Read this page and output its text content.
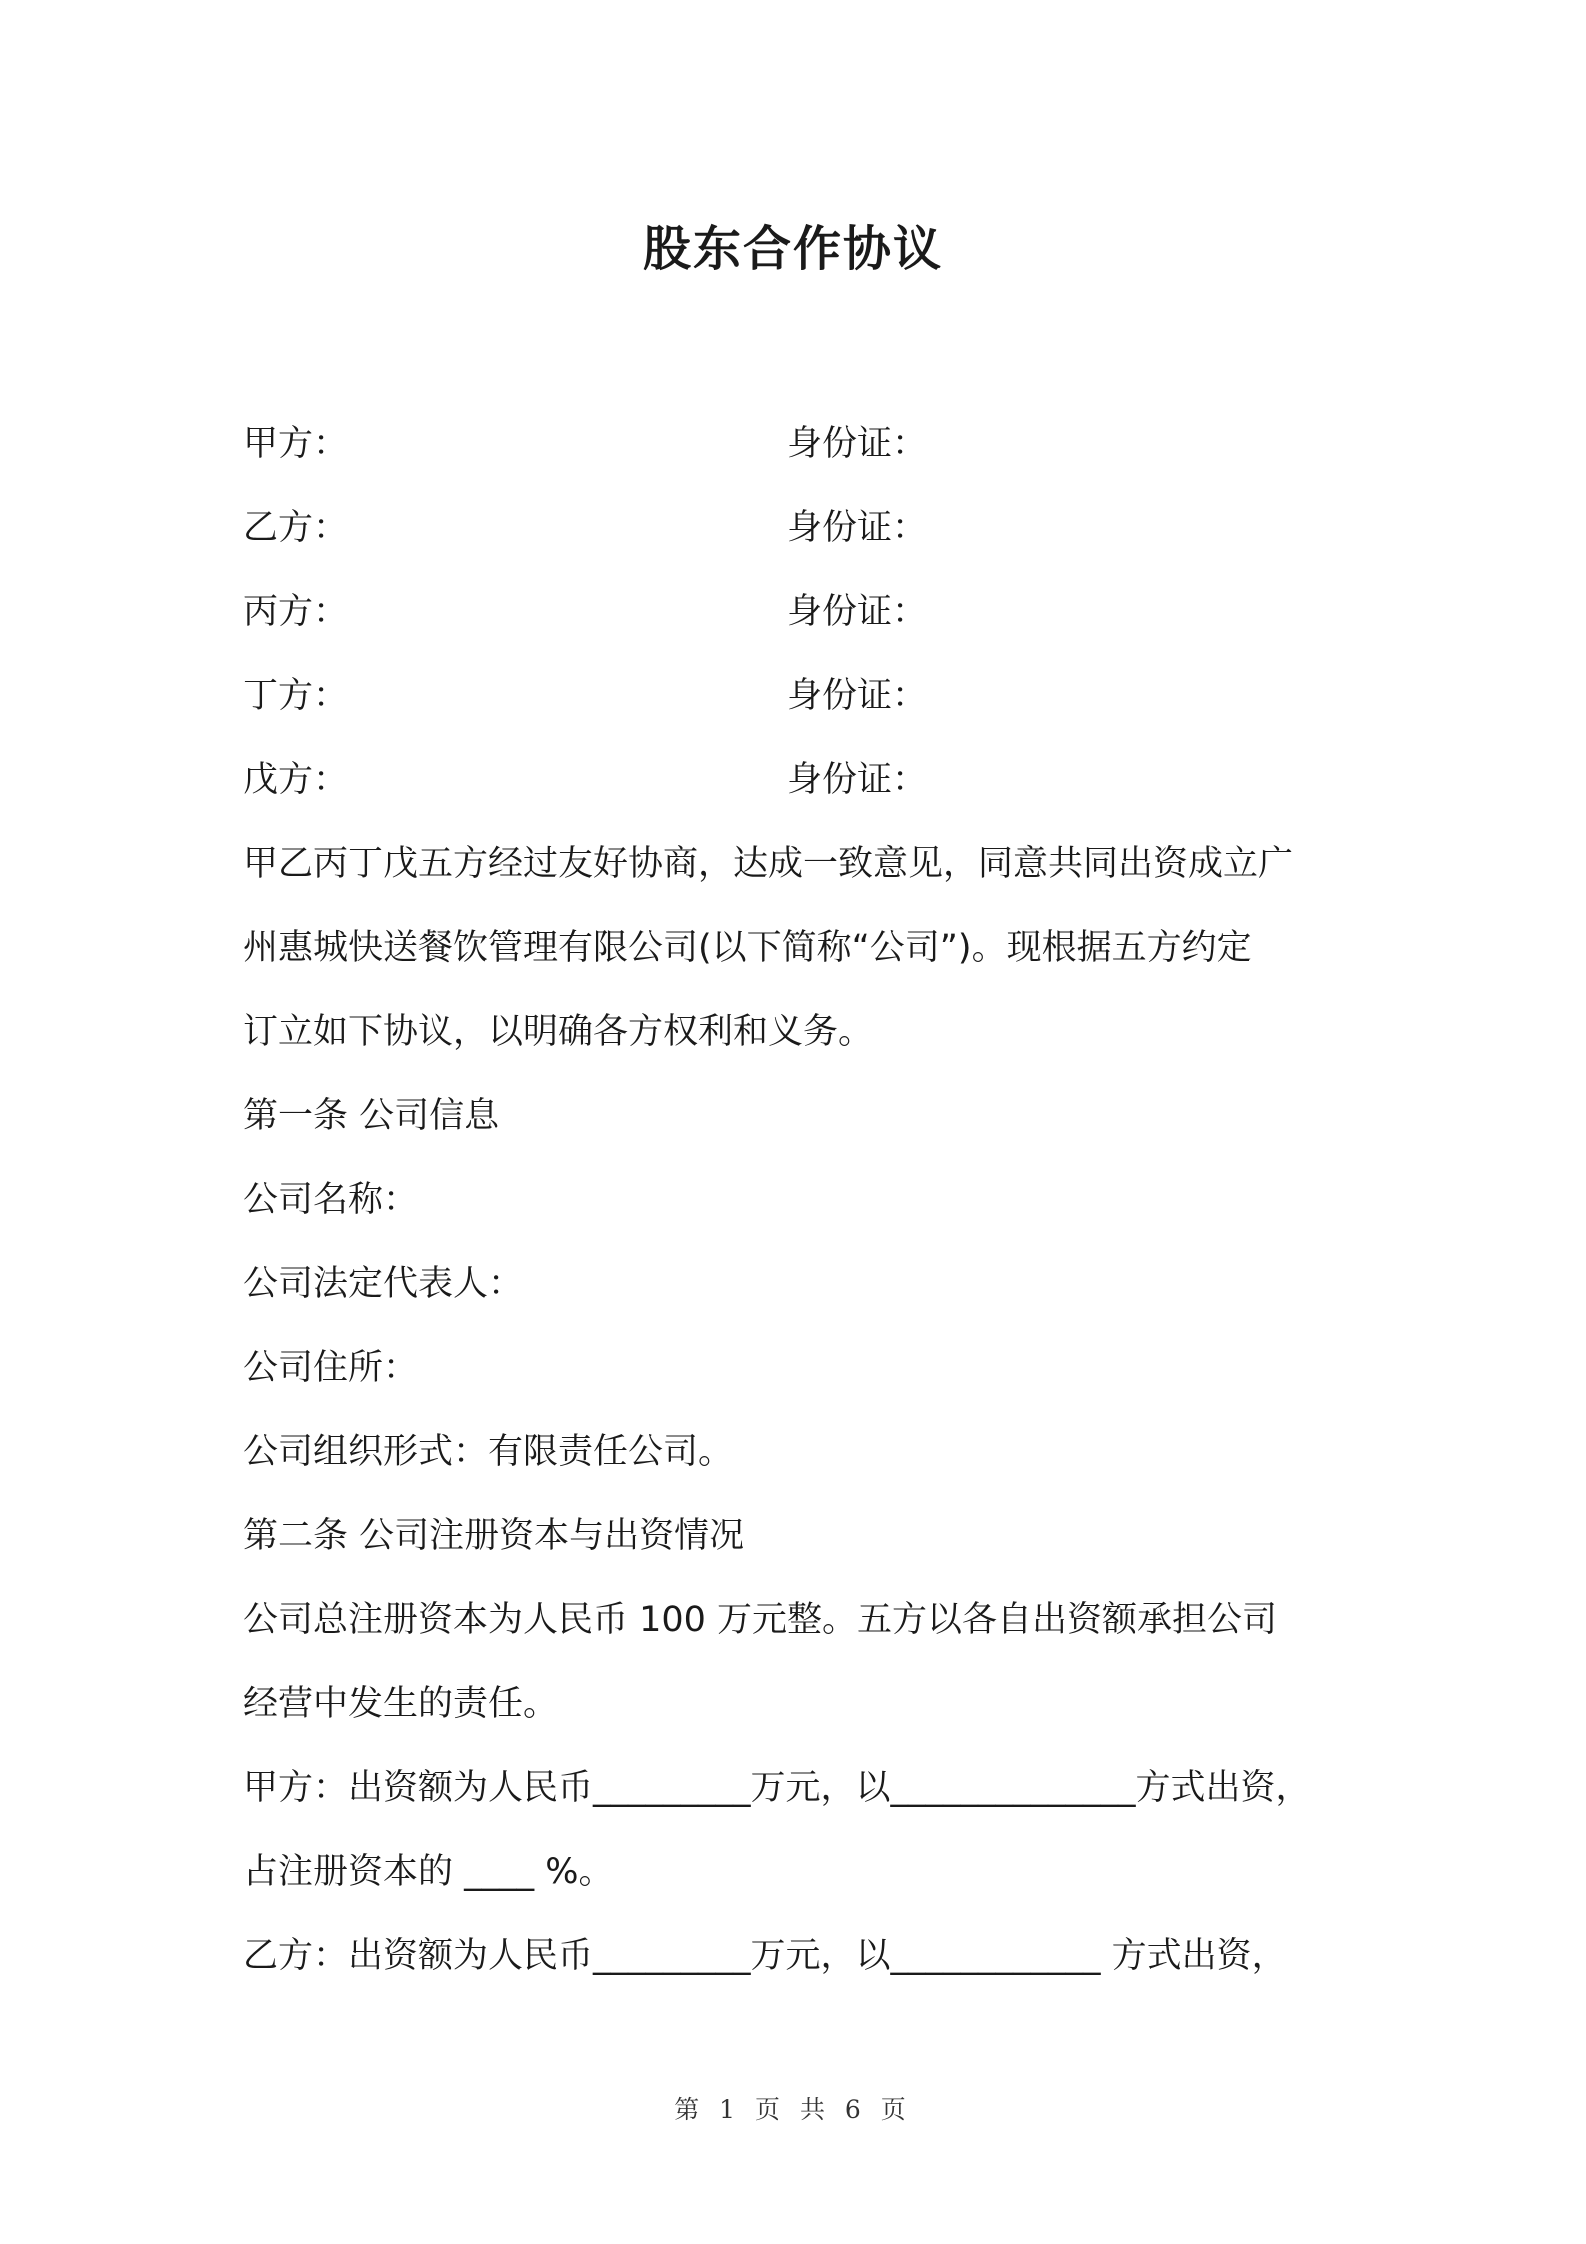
股东合作协议
甲方：	身份证：
乙方：	身份证：
丙方：	身份证：
丁方：	身份证：
戊方：	身份证：
甲乙丙丁戊五方经过友好协商，达成一致意见，同意共同出资成立广
州惠城快送餐饮管理有限公司(以下简称“公司”)。现根据五方约定
订立如下协议，以明确各方权利和义务。
第一条 公司信息
公司名称：
公司法定代表人：
公司住所：
公司组织形式：有限责任公司。
第二条 公司注册资本与出资情况
公司总注册资本为人民币 100 万元整。五方以各自出资额承担公司
经营中发生的责任。
甲方：出资额为人民币_________万元，以______________方式出资，
占注册资本的 ____ %。
乙方：出资额为人民币_________万元，以____________ 方式出资，
第 1 页 共 6 页
